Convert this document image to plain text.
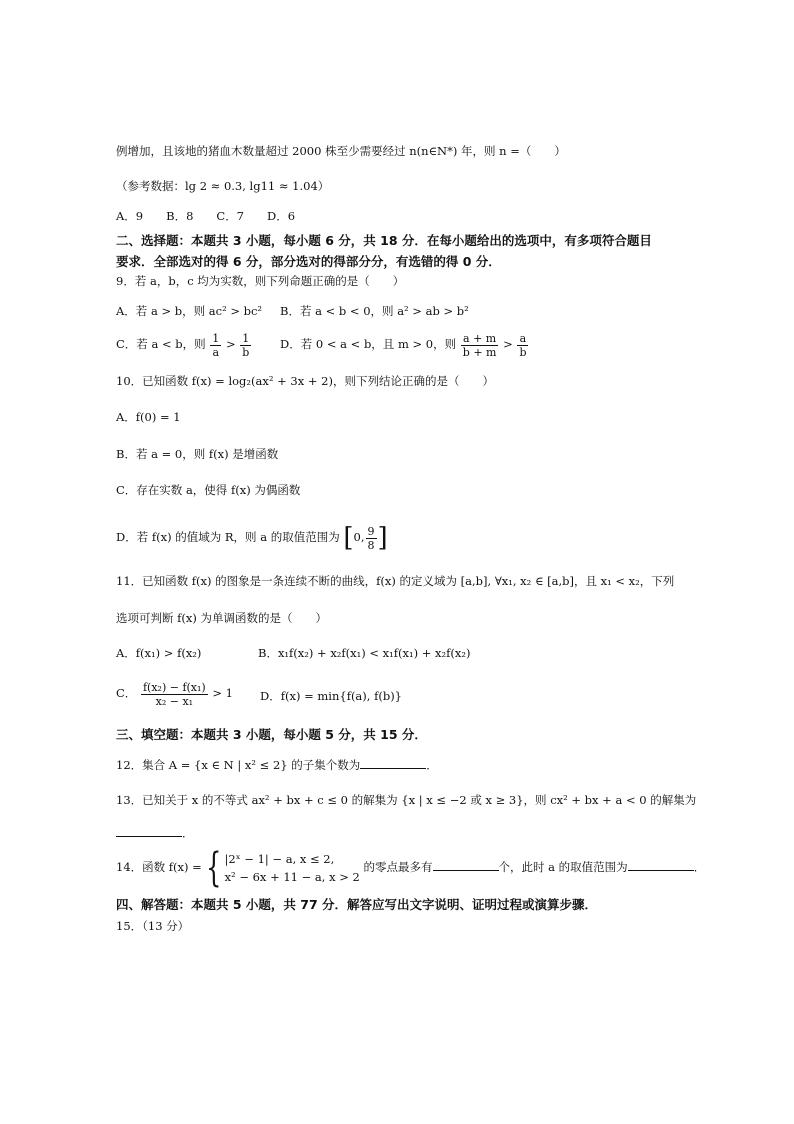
例增加，且该地的猪血木数量超过 2000 株至少需要经过 n(n∈N*) 年，则 n =（　　）
（参考数据：lg 2 ≈ 0.3, lg11 ≈ 1.04）
A．9　　B．8　　C．7　　D．6
二、选择题：本题共 3 小题，每小题 6 分，共 18 分．在每小题给出的选项中，有多项符合题目
要求．全部选对的得 6 分，部分选对的得部分分，有选错的得 0 分．
9．若 a，b，c 均为实数，则下列命题正确的是（　　）
A．若 a > b，则 ac² > bc² B．若 a < b < 0，则 a² > ab > b²
C．若 a < b，则 $\frac{1}{a} > \frac{1}{b}$ D．若 0 < a < b，且 m > 0，则 $\frac{a + m}{b + m} > \frac{a}{b}$
10．已知函数 f(x) = log₂(ax² + 3x + 2)，则下列结论正确的是（　　）
A．f(0) = 1
B．若 a = 0，则 f(x) 是增函数
C．存在实数 a，使得 f(x) 为偶函数
D．若 f(x) 的值域为 R，则 a 的取值范围为 [0, $\frac{9}{8}$ ]
11．已知函数 f(x) 的图象是一条连续不断的曲线，f(x) 的定义域为 [a,b], ∀x₁, x₂ ∈ [a,b]，且 x₁ < x₂，下列
选项可判断 f(x) 为单调函数的是（　　）
A．f(x₁) > f(x₂)	B．x₁f(x₂) + x₂f(x₁) < x₁f(x₁) + x₂f(x₂)
C． $\frac{\text{f(x₂) − f(x₁)}}{\text{x₂ − x₁}} > 1$ D．f(x) = min{f(a), f(b)}
三、填空题：本题共 3 小题，每小题 5 分，共 15 分．
12．集合 A = {x ∈ N | x² ≤ 2} 的子集个数为	．
13．已知关于 x 的不等式 ax² + bx + c ≤ 0 的解集为 {x | x ≤ −2 或 x ≥ 3}，则 cx² + bx + a < 0 的解集为
．
14．函数 f(x) = { |2ˣ − 1| − a, x ≤ 2,
x² − 6x + 11 − a, x > 2
的零点最多有	个，此时 a 的取值范围为	．
四、解答题：本题共 5 小题，共 77 分．解答应写出文字说明、证明过程或演算步骤．
15．（13 分）
